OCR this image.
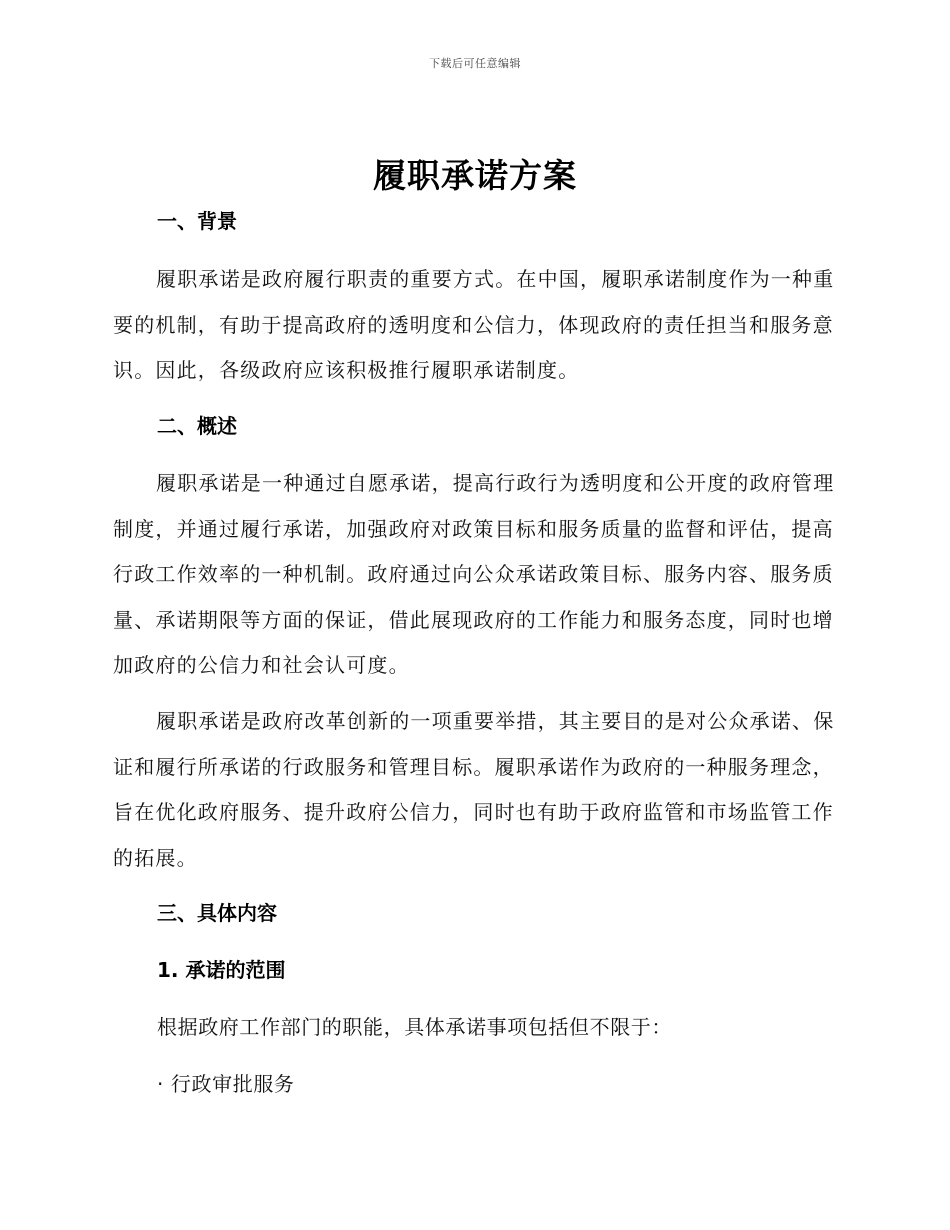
下载后可任意编辑
履职承诺方案
一、背景
履职承诺是政府履行职责的重要方式。在中国，履职承诺制度作为一种重要的机制，有助于提高政府的透明度和公信力，体现政府的责任担当和服务意识。因此，各级政府应该积极推行履职承诺制度。
二、概述
履职承诺是一种通过自愿承诺，提高行政行为透明度和公开度的政府管理制度，并通过履行承诺，加强政府对政策目标和服务质量的监督和评估，提高行政工作效率的一种机制。政府通过向公众承诺政策目标、服务内容、服务质量、承诺期限等方面的保证，借此展现政府的工作能力和服务态度，同时也增加政府的公信力和社会认可度。
履职承诺是政府改革创新的一项重要举措，其主要目的是对公众承诺、保证和履行所承诺的行政服务和管理目标。履职承诺作为政府的一种服务理念，旨在优化政府服务、提升政府公信力，同时也有助于政府监管和市场监管工作的拓展。
三、具体内容
1. 承诺的范围
根据政府工作部门的职能，具体承诺事项包括但不限于：
· 行政审批服务
